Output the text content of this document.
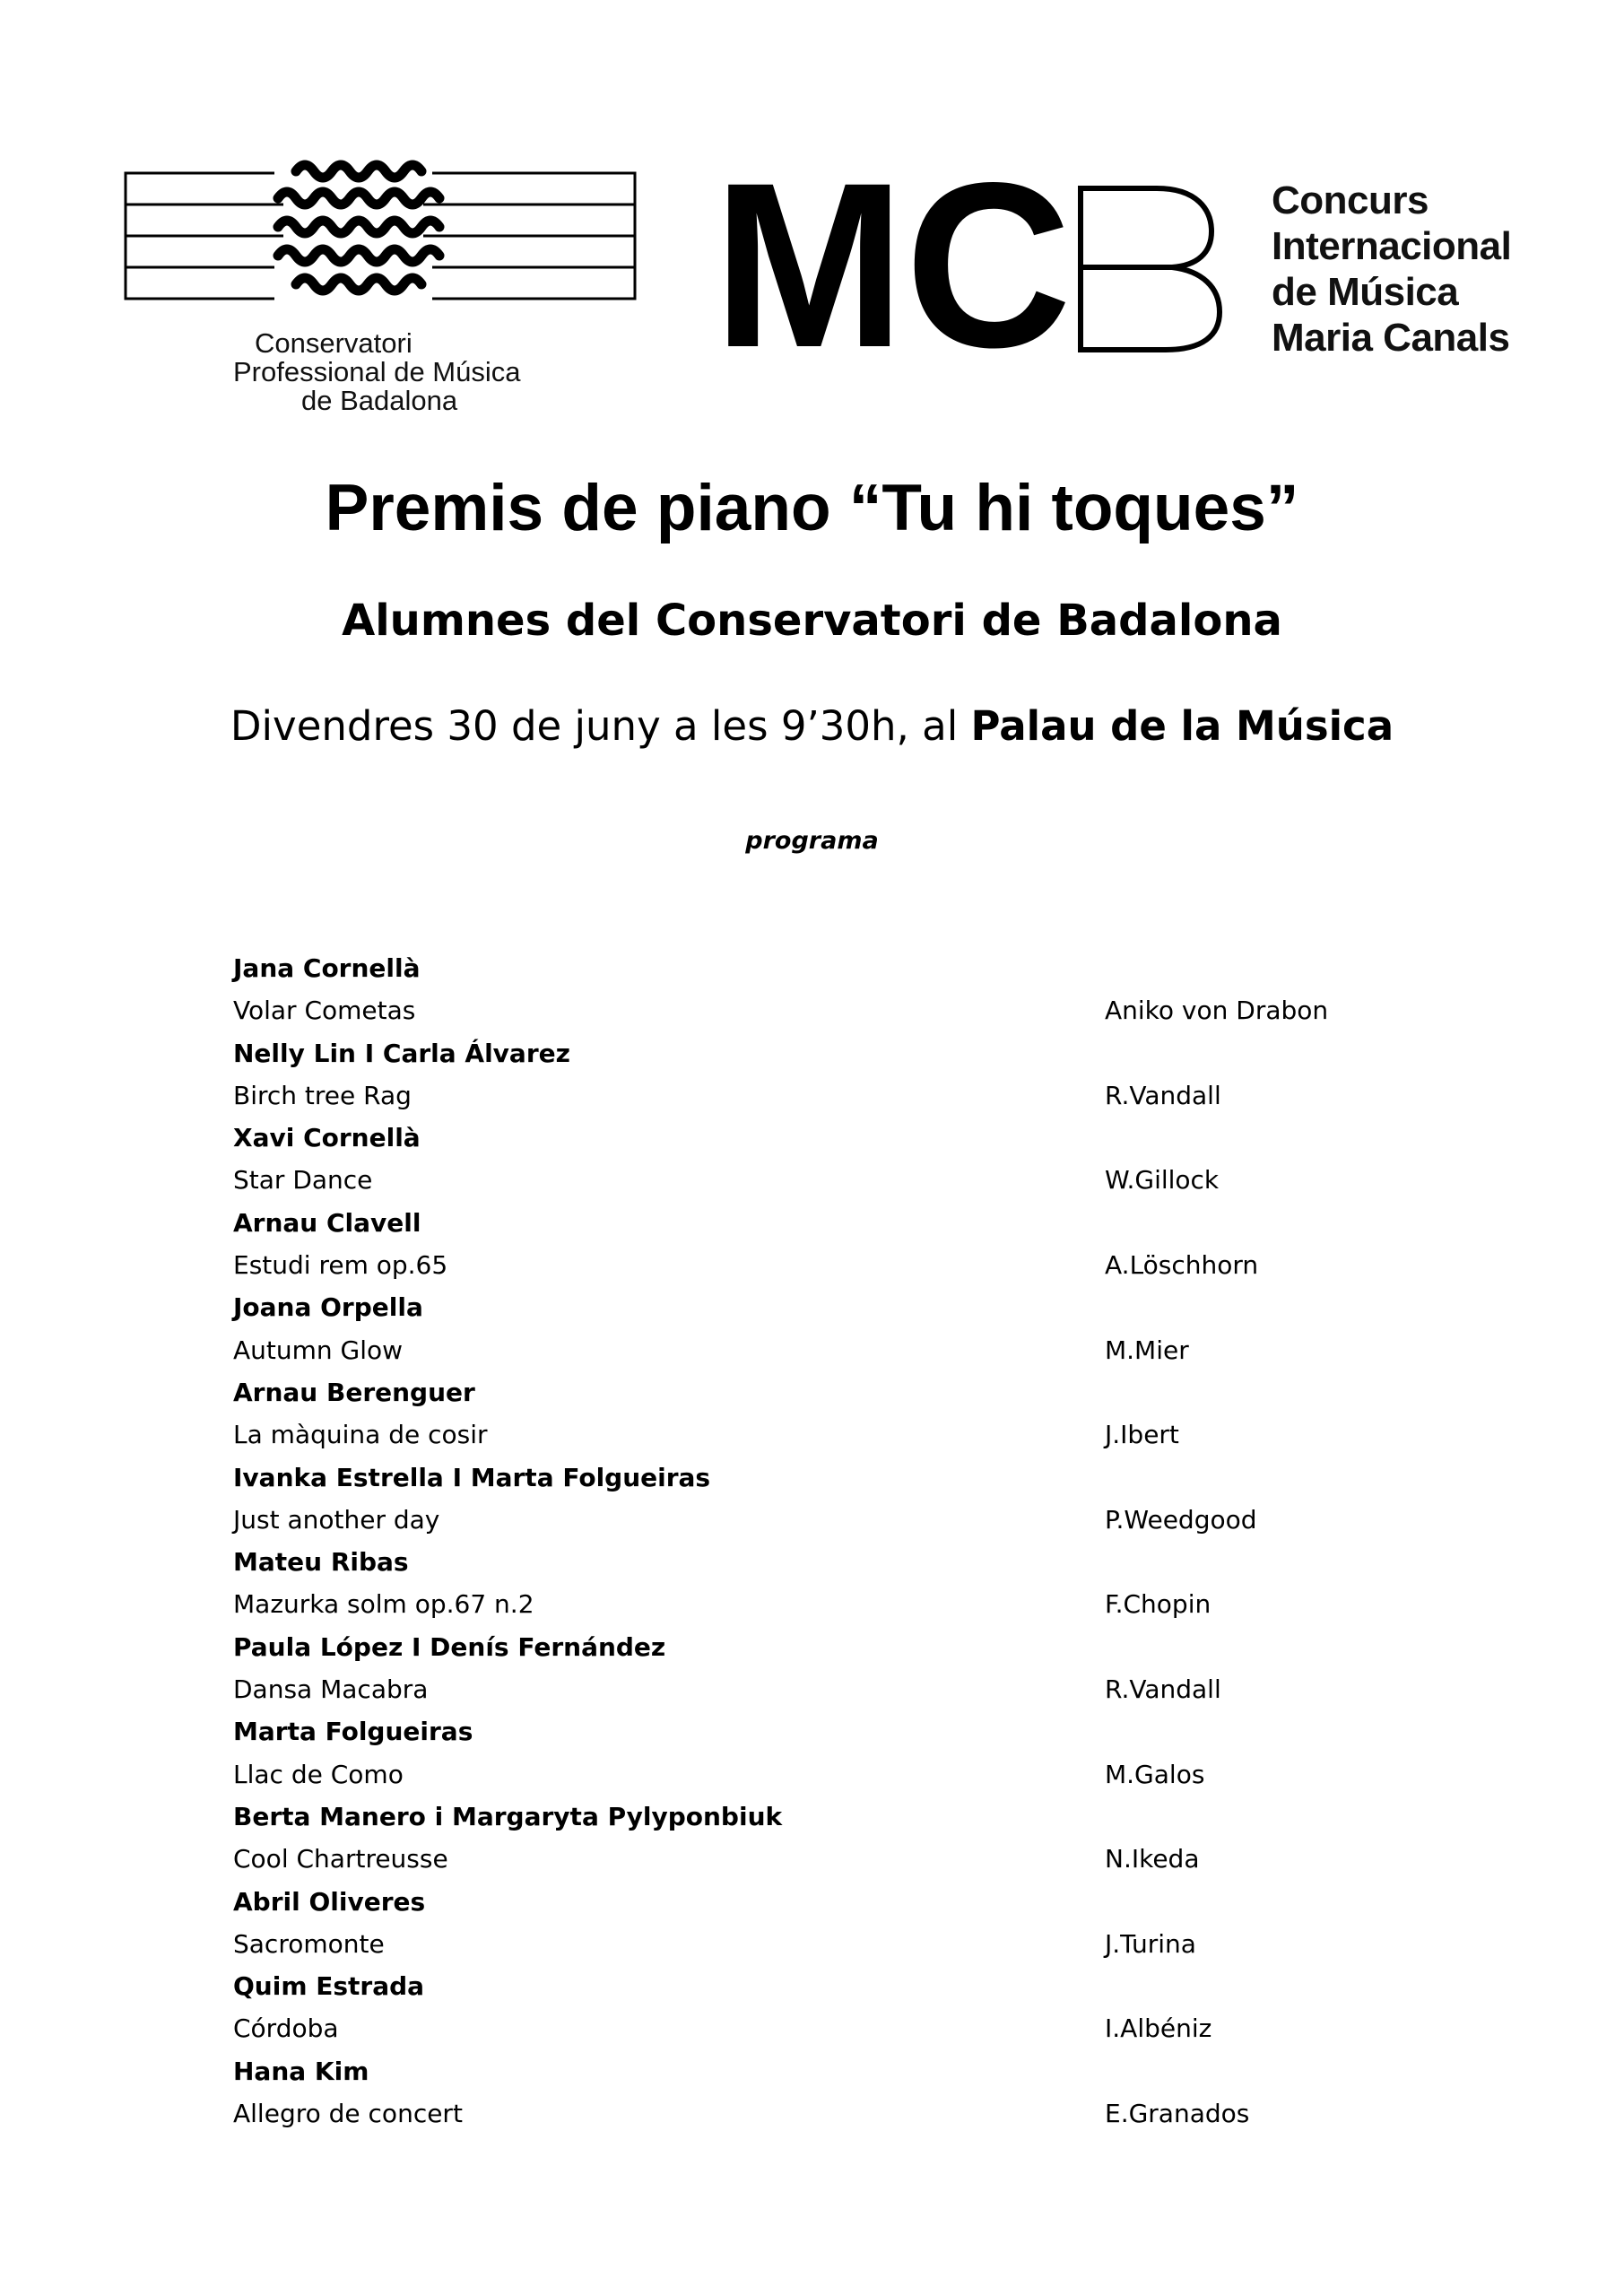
Conservatori
Professional de Música
de Badalona
MC	Concurs
Internacional
de Música
Maria Canals
Premis de piano “Tu hi toques”
Alumnes del Conservatori de Badalona
Divendres 30 de juny a les 9’30h, al Palau de la Música
programa
Jana Cornellà
Volar Cometas	Aniko von Drabon
Nelly Lin I Carla Álvarez
Birch tree Rag	R.Vandall
Xavi Cornellà
Star Dance	W.Gillock
Arnau Clavell
Estudi rem op.65	A.Löschhorn
Joana Orpella
Autumn Glow	M.Mier
Arnau Berenguer
La màquina de cosir	J.Ibert
Ivanka Estrella I Marta Folgueiras
Just another day	P.Weedgood
Mateu Ribas
Mazurka solm op.67 n.2	F.Chopin
Paula López I Denís Fernández
Dansa Macabra	R.Vandall
Marta Folgueiras
Llac de Como	M.Galos
Berta Manero i Margaryta Pylyponbiuk
Cool Chartreusse	N.Ikeda
Abril Oliveres
Sacromonte	J.Turina
Quim Estrada
Córdoba	I.Albéniz
Hana Kim
Allegro de concert	E.Granados
